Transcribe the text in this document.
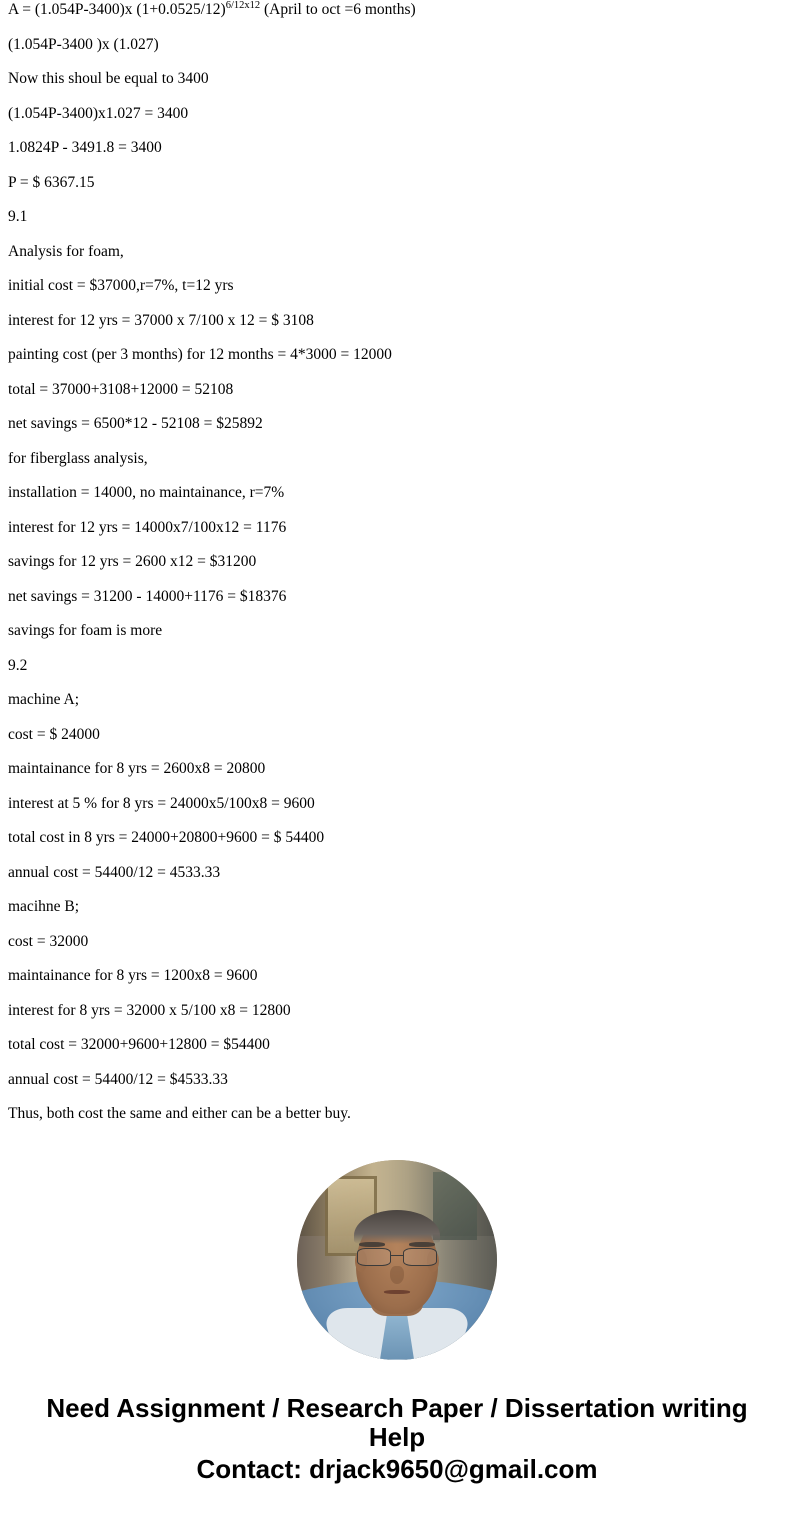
A = (1.054P-3400)x $(1+0.0525/12)^{6/12x12}$ (April to oct =6 months)

(1.054P-3400 )x (1.027)

Now this shoul be equal to 3400

(1.054P-3400)x1.027 = 3400

1.0824P - 3491.8 = 3400

P = $ 6367.15

9.1

Analysis for foam,

initial cost = $37000,r=7%, t=12 yrs

interest for 12 yrs = 37000 x 7/100 x 12 = $ 3108

painting cost (per 3 months) for 12 months = 4*3000 = 12000

total = 37000+3108+12000 = 52108

net savings = 6500*12 - 52108 = $25892

for fiberglass analysis,

installation = 14000, no maintainance, r=7%

interest for 12 yrs = 14000x7/100x12 = 1176

savings for 12 yrs = 2600 x12 = $31200

net savings = 31200 - 14000+1176 = $18376

savings for foam is more

9.2

machine A;

cost = $ 24000

maintainance for 8 yrs = 2600x8 = 20800

interest at 5 % for 8 yrs = 24000x5/100x8 = 9600

total cost in 8 yrs = 24000+20800+9600 = $ 54400

annual cost = 54400/12 = 4533.33

macihne B;

cost = 32000

maintainance for 8 yrs = 1200x8 = 9600

interest for 8 yrs = 32000 x 5/100 x8 = 12800

total cost = 32000+9600+12800 = $54400

annual cost = 54400/12 = $4533.33

Thus, both cost the same and either can be a better buy.

Need Assignment / Research Paper / Dissertation writing Help
Contact: drjack9650@gmail.com
